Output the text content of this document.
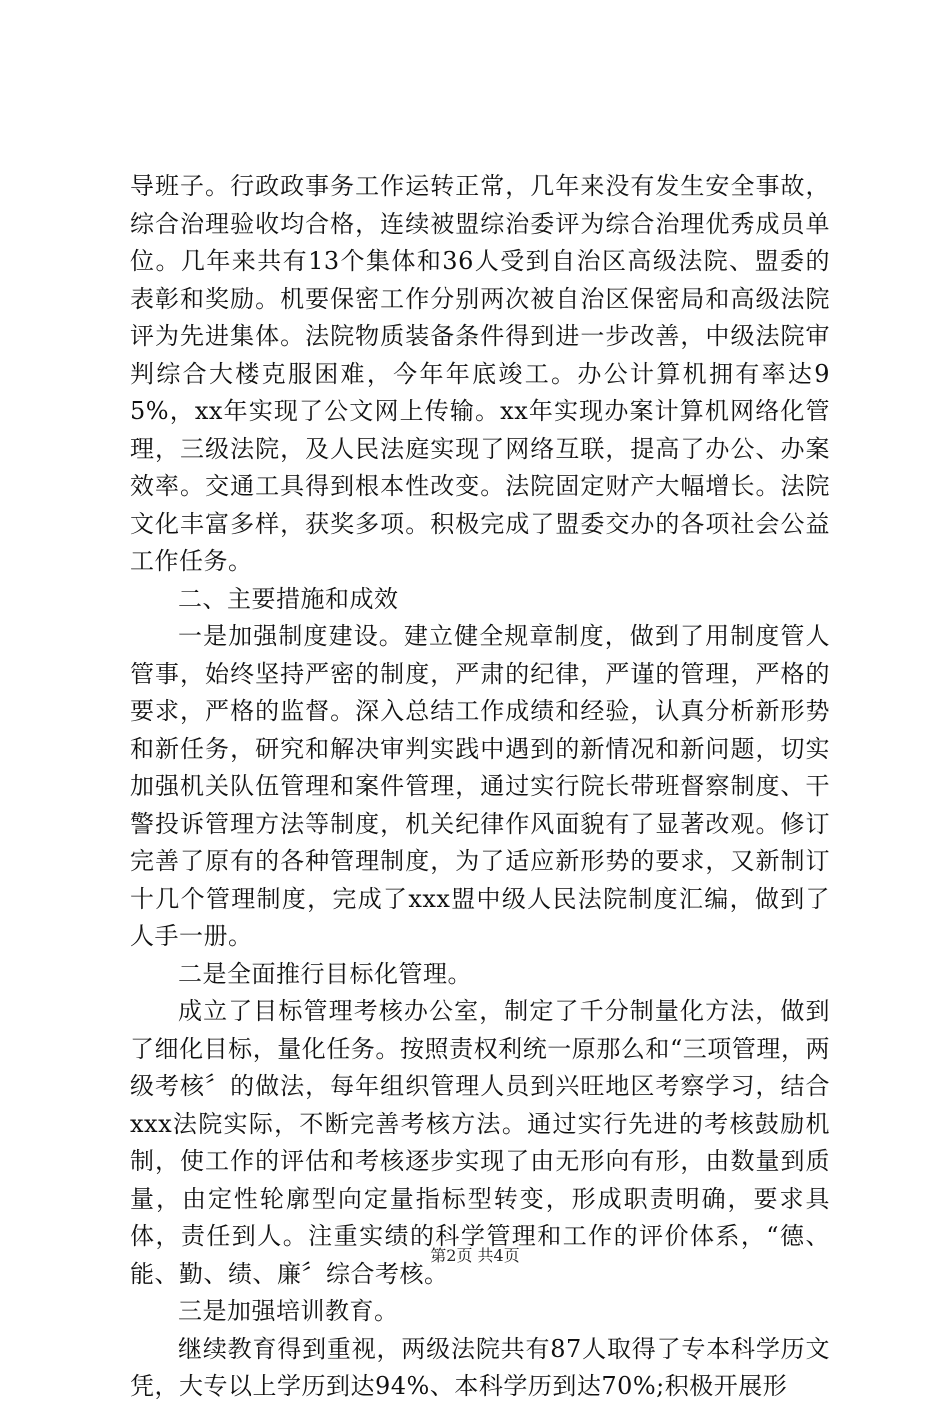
导班子。行政政事务工作运转正常，几年来没有发生安全事故，综合治理验收均合格，连续被盟综治委评为综合治理优秀成员单位。几年来共有13个集体和36人受到自治区高级法院、盟委的表彰和奖励。机要保密工作分别两次被自治区保密局和高级法院评为先进集体。法院物质装备条件得到进一步改善，中级法院审判综合大楼克服困难，今年年底竣工。办公计算机拥有率达95%，xx年实现了公文网上传输。xx年实现办案计算机网络化管理，三级法院，及人民法庭实现了网络互联，提高了办公、办案效率。交通工具得到根本性改变。法院固定财产大幅增长。法院文化丰富多样，获奖多项。积极完成了盟委交办的各项社会公益工作任务。

二、主要措施和成效

一是加强制度建设。建立健全规章制度，做到了用制度管人管事，始终坚持严密的制度，严肃的纪律，严谨的管理，严格的要求，严格的监督。深入总结工作成绩和经验，认真分析新形势和新任务，研究和解决审判实践中遇到的新情况和新问题，切实加强机关队伍管理和案件管理，通过实行院长带班督察制度、干警投诉管理方法等制度，机关纪律作风面貌有了显著改观。修订完善了原有的各种管理制度，为了适应新形势的要求，又新制订十几个管理制度，完成了xxx盟中级人民法院制度汇编，做到了人手一册。

二是全面推行目标化管理。

成立了目标管理考核办公室，制定了千分制量化方法，做到了细化目标，量化任务。按照责权利统一原那么和“三项管理，两级考核〞的做法，每年组织管理人员到兴旺地区考察学习，结合xxx法院实际，不断完善考核方法。通过实行先进的考核鼓励机制，使工作的评估和考核逐步实现了由无形向有形，由数量到质量，由定性轮廓型向定量指标型转变，形成职责明确，要求具体，责任到人。注重实绩的科学管理和工作的评价体系，“德、能、勤、绩、廉〞综合考核。

三是加强培训教育。

继续教育得到重视，两级法院共有87人取得了专本科学历文凭，大专以上学历到达94%、本科学历到达70%;积极开展形

第2页 共4页
